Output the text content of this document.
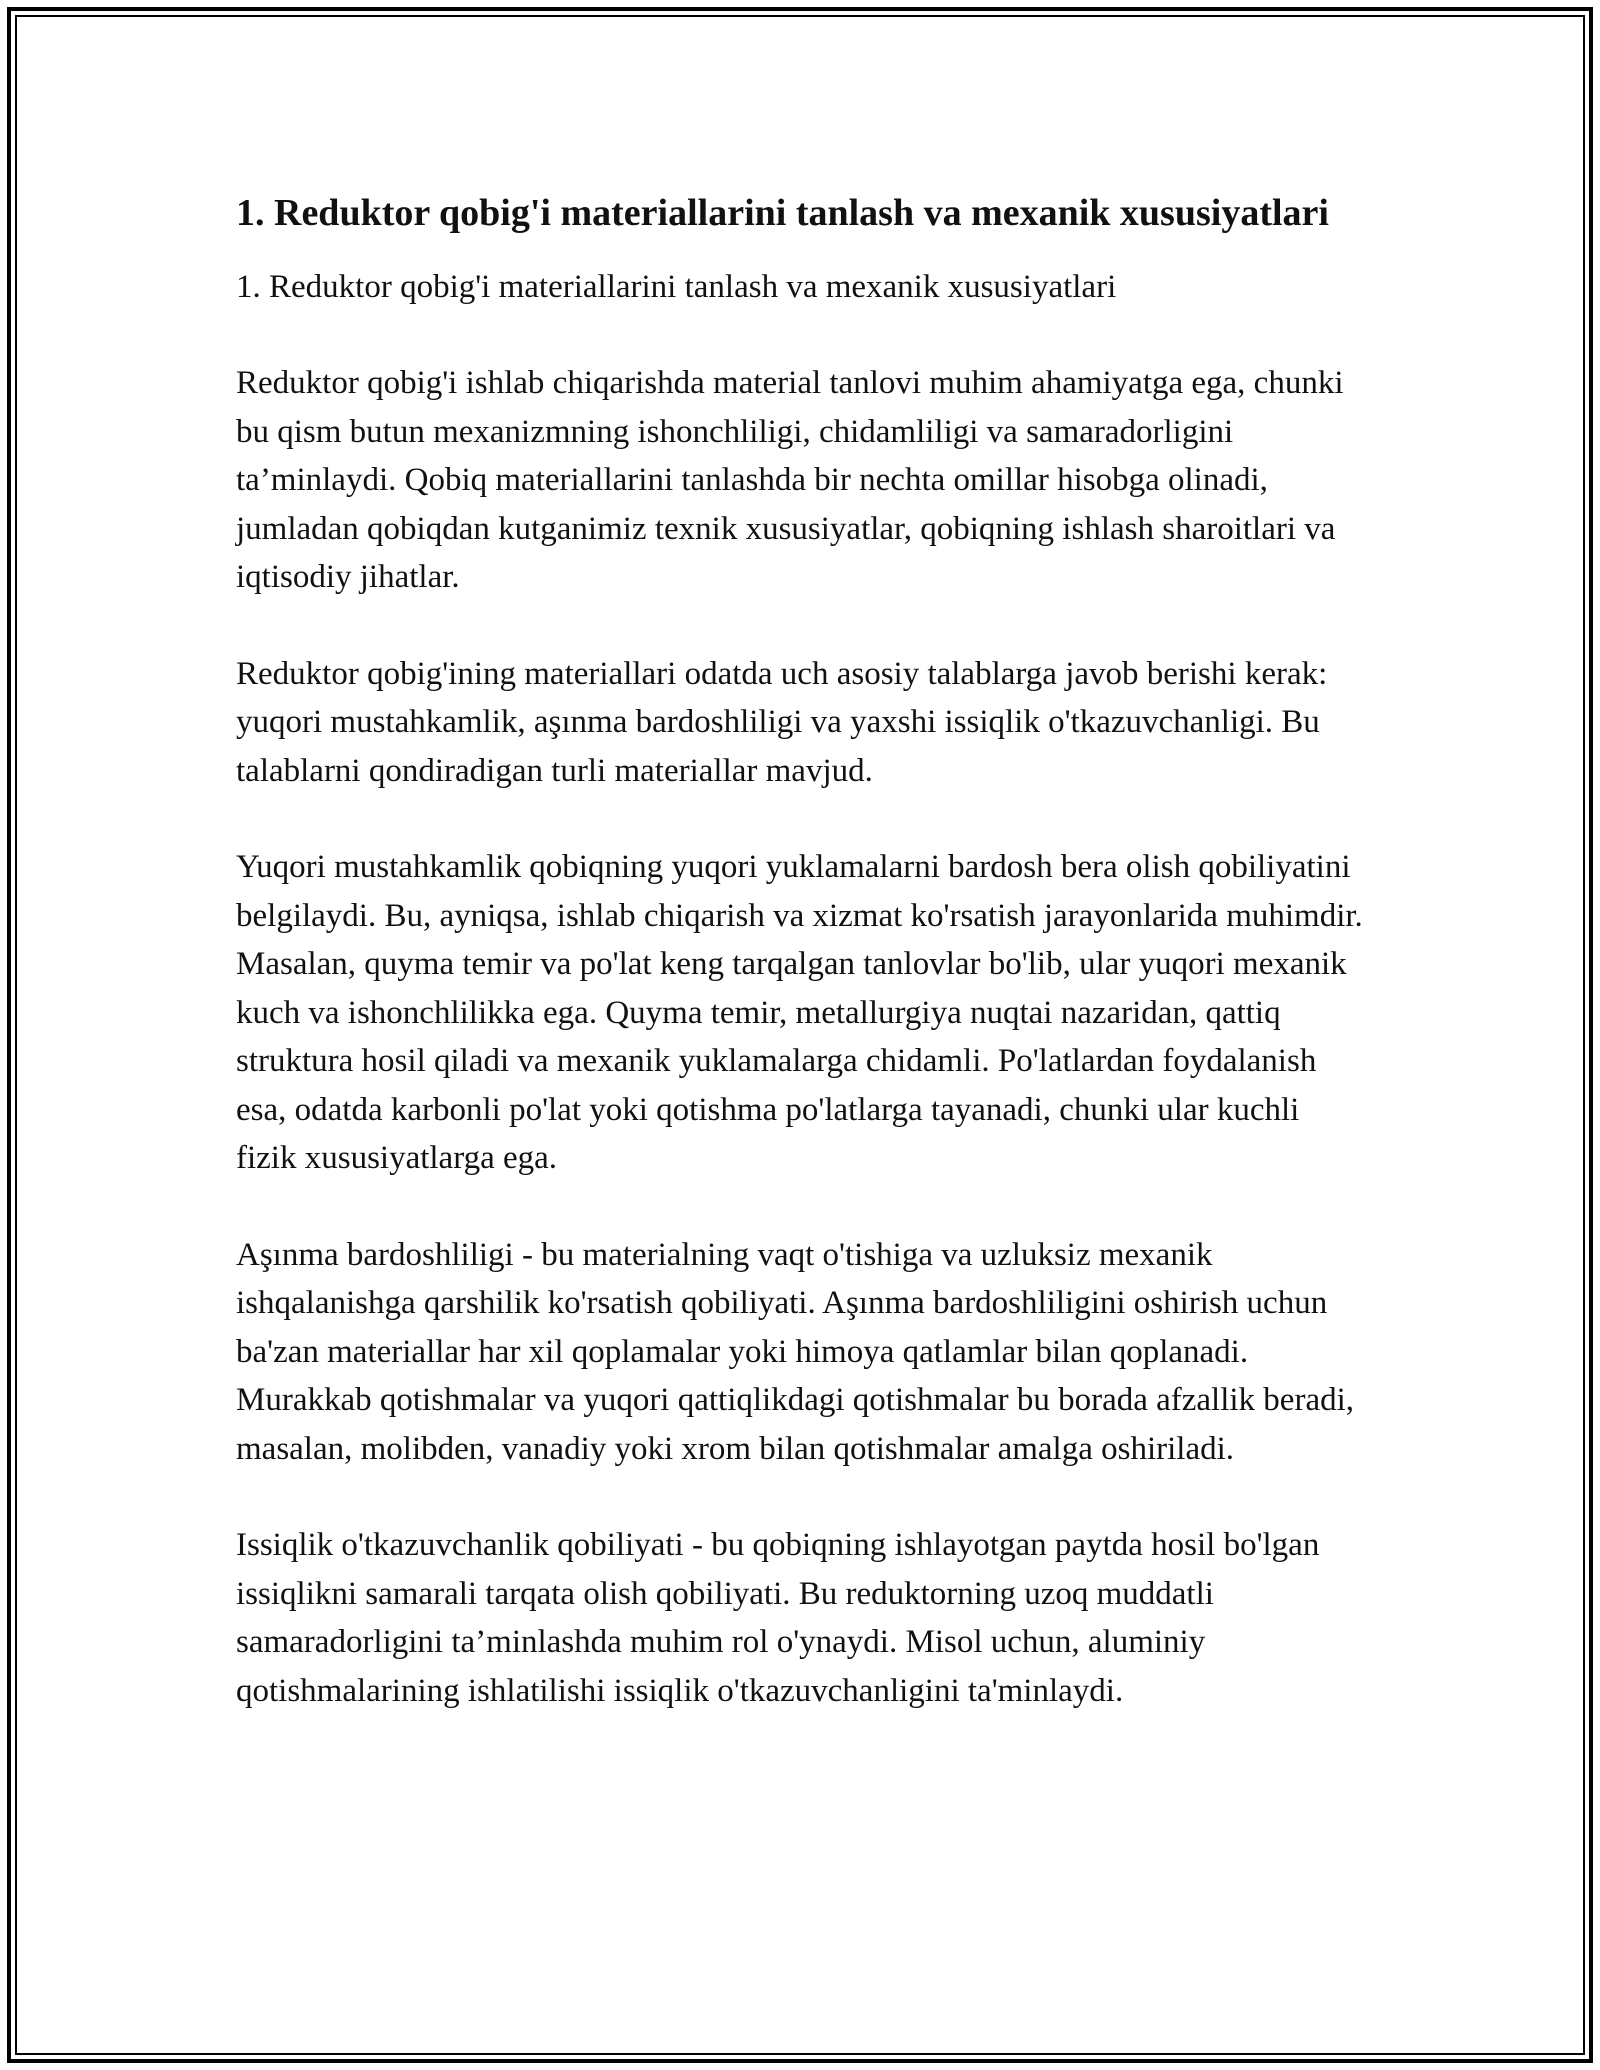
1. Reduktor qobig'i materiallarini tanlash va mexanik xususiyatlari

1. Reduktor qobig'i materiallarini tanlash va mexanik xususiyatlari

Reduktor qobig'i ishlab chiqarishda material tanlovi muhim ahamiyatga ega, chunki bu qism butun mexanizmning ishonchliligi, chidamliligi va samaradorligini ta’minlaydi. Qobiq materiallarini tanlashda bir nechta omillar hisobga olinadi, jumladan qobiqdan kutganimiz texnik xususiyatlar, qobiqning ishlash sharoitlari va iqtisodiy jihatlar.

Reduktor qobig'ining materiallari odatda uch asosiy talablarga javob berishi kerak: yuqori mustahkamlik, aşınma bardoshliligi va yaxshi issiqlik o'tkazuvchanligi. Bu talablarni qondiradigan turli materiallar mavjud.

Yuqori mustahkamlik qobiqning yuqori yuklamalarni bardosh bera olish qobiliyatini belgilaydi. Bu, ayniqsa, ishlab chiqarish va xizmat ko'rsatish jarayonlarida muhimdir. Masalan, quyma temir va po'lat keng tarqalgan tanlovlar bo'lib, ular yuqori mexanik kuch va ishonchlilikka ega. Quyma temir, metallurgiya nuqtai nazaridan, qattiq struktura hosil qiladi va mexanik yuklamalarga chidamli. Po'latlardan foydalanish esa, odatda karbonli po'lat yoki qotishma po'latlarga tayanadi, chunki ular kuchli fizik xususiyatlarga ega.

Aşınma bardoshliligi - bu materialning vaqt o'tishiga va uzluksiz mexanik ishqalanishga qarshilik ko'rsatish qobiliyati. Aşınma bardoshliligini oshirish uchun ba'zan materiallar har xil qoplamalar yoki himoya qatlamlar bilan qoplanadi. Murakkab qotishmalar va yuqori qattiqlikdagi qotishmalar bu borada afzallik beradi, masalan, molibden, vanadiy yoki xrom bilan qotishmalar amalga oshiriladi.

Issiqlik o'tkazuvchanlik qobiliyati - bu qobiqning ishlayotgan paytda hosil bo'lgan issiqlikni samarali tarqata olish qobiliyati. Bu reduktorning uzoq muddatli samaradorligini ta’minlashda muhim rol o'ynaydi. Misol uchun, aluminiy qotishmalarining ishlatilishi issiqlik o'tkazuvchanligini ta'minlaydi.
